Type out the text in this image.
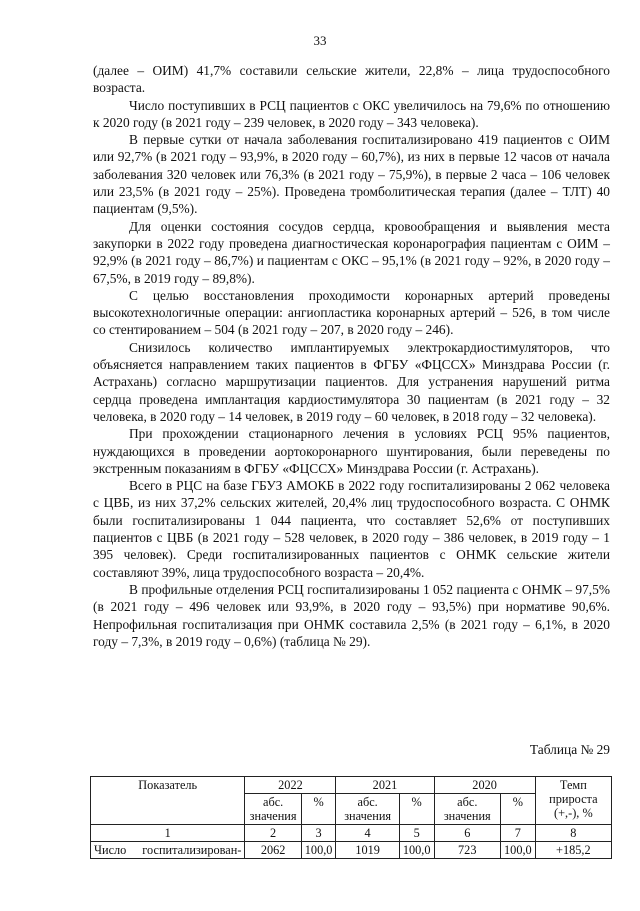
33

(далее – ОИМ) 41,7% составили сельские жители, 22,8% – лица трудоспособного возраста.

Число поступивших в РСЦ пациентов с ОКС увеличилось на 79,6% по отношению к 2020 году (в 2021 году – 239 человек, в 2020 году – 343 человека).

В первые сутки от начала заболевания госпитализировано 419 пациентов с ОИМ или 92,7% (в 2021 году – 93,9%, в 2020 году – 60,7%), из них в первые 12 часов от начала заболевания 320 человек или 76,3% (в 2021 году – 75,9%), в первые 2 часа – 106 человек или 23,5% (в 2021 году – 25%). Проведена тромболитическая терапия (далее – ТЛТ) 40 пациентам (9,5%).

Для оценки состояния сосудов сердца, кровообращения и выявления места закупорки в 2022 году проведена диагностическая коронарография пациентам с ОИМ – 92,9% (в 2021 году – 86,7%) и пациентам с ОКС – 95,1% (в 2021 году – 92%, в 2020 году – 67,5%, в 2019 году – 89,8%).

С целью восстановления проходимости коронарных артерий проведены высокотехнологичные операции: ангиопластика коронарных артерий – 526, в том числе со стентированием – 504 (в 2021 году – 207, в 2020 году – 246).

Снизилось количество имплантируемых электрокардиостимуляторов, что объясняется направлением таких пациентов в ФГБУ «ФЦССХ» Минздрава России (г. Астрахань) согласно маршрутизации пациентов. Для устранения нарушений ритма сердца проведена имплантация кардиостимулятора 30 пациентам (в 2021 году – 32 человека, в 2020 году – 14 человек, в 2019 году – 60 человек, в 2018 году – 32 человека).

При прохождении стационарного лечения в условиях РСЦ 95% пациентов, нуждающихся в проведении аортокоронарного шунтирования, были переведены по экстренным показаниям в ФГБУ «ФЦССХ» Минздрава России (г. Астрахань).

Всего в РЦС на базе ГБУЗ АМОКБ в 2022 году госпитализированы 2 062 человека с ЦВБ, из них 37,2% сельских жителей, 20,4% лиц трудоспособного возраста. С ОНМК были госпитализированы 1 044 пациента, что составляет 52,6% от поступивших пациентов с ЦВБ (в 2021 году – 528 человек, в 2020 году – 386 человек, в 2019 году – 1 395 человек). Среди госпитализированных пациентов с ОНМК сельские жители составляют 39%, лица трудоспособного возраста – 20,4%.

В профильные отделения РСЦ госпитализированы 1 052 пациента с ОНМК – 97,5% (в 2021 году – 496 человек или 93,9%, в 2020 году – 93,5%) при нормативе 90,6%. Непрофильная госпитализация при ОНМК составила 2,5% (в 2021 году – 6,1%, в 2020 году – 7,3%, в 2019 году – 0,6%) (таблица № 29).

Таблица № 29
Показатель	2022		2021		2020		Темп прироста (+,-), %
	абс. значения	%	абс. значения	%	абс. значения	%	
1	2	3	4	5	6	7	8
Число госпитализирован-	2062	100,0	1019	100,0	723	100,0	+185,2
